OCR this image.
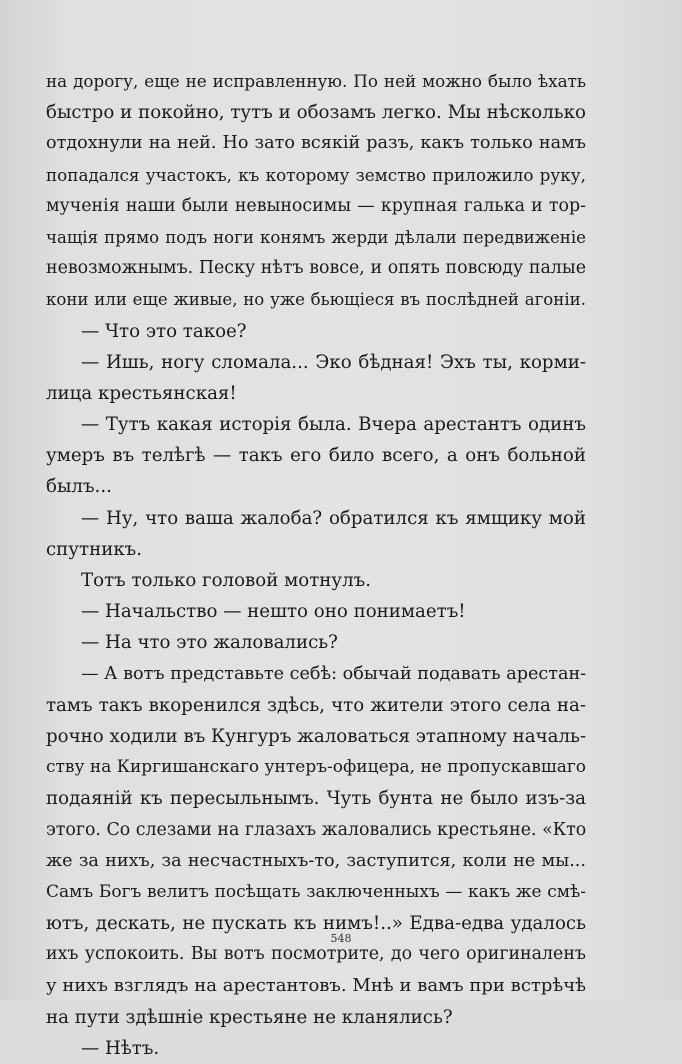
на дорогу, еще не исправленную. По ней можно было ѣхать
быстро и покойно, тутъ и обозамъ легко. Мы нѣсколько
отдохнули на ней. Но зато всякій разъ, какъ только намъ
попадался участокъ, къ которому земство приложило руку,
мученія наши были невыносимы — крупная галька и тор-
чащія прямо подъ ноги конямъ жерди дѣлали передвиженіе
невозможнымъ. Песку нѣтъ вовсе, и опять повсюду палые
кони или еще живые, но уже бьющіеся въ послѣдней агоніи.
— Что это такое?
— Ишь, ногу сломала... Эко бѣдная! Эхъ ты, корми-
лица крестьянская!
— Тутъ какая исторія была. Вчера арестантъ одинъ
умеръ въ телѣгѣ — такъ его било всего, а онъ больной
былъ...
— Ну, что ваша жалоба? обратился къ ямщику мой
спутникъ.
Тотъ только головой мотнулъ.
— Начальство — нешто оно понимаетъ!
— На что это жаловались?
— А вотъ представьте себѣ: обычай подавать арестан-
тамъ такъ вкоренился здѣсь, что жители этого села на-
рочно ходили въ Кунгуръ жаловаться этапному началь-
ству на Киргишанскаго унтеръ-офицера, не пропускавшаго
подаяній къ пересыльнымъ. Чуть бунта не было изъ-за
этого. Со слезами на глазахъ жаловались крестьяне. «Кто
же за нихъ, за несчастныхъ-то, заступится, коли не мы...
Самъ Богъ велитъ посѣщать заключенныхъ — какъ же смѣ-
ютъ, дескать, не пускать къ нимъ!..» Едва-едва удалось
ихъ успокоить. Вы вотъ посмотрите, до чего оригиналенъ
у нихъ взглядъ на арестантовъ. Мнѣ и вамъ при встрѣчѣ
на пути здѣшніе крестьяне не кланялись?
— Нѣтъ.
548
